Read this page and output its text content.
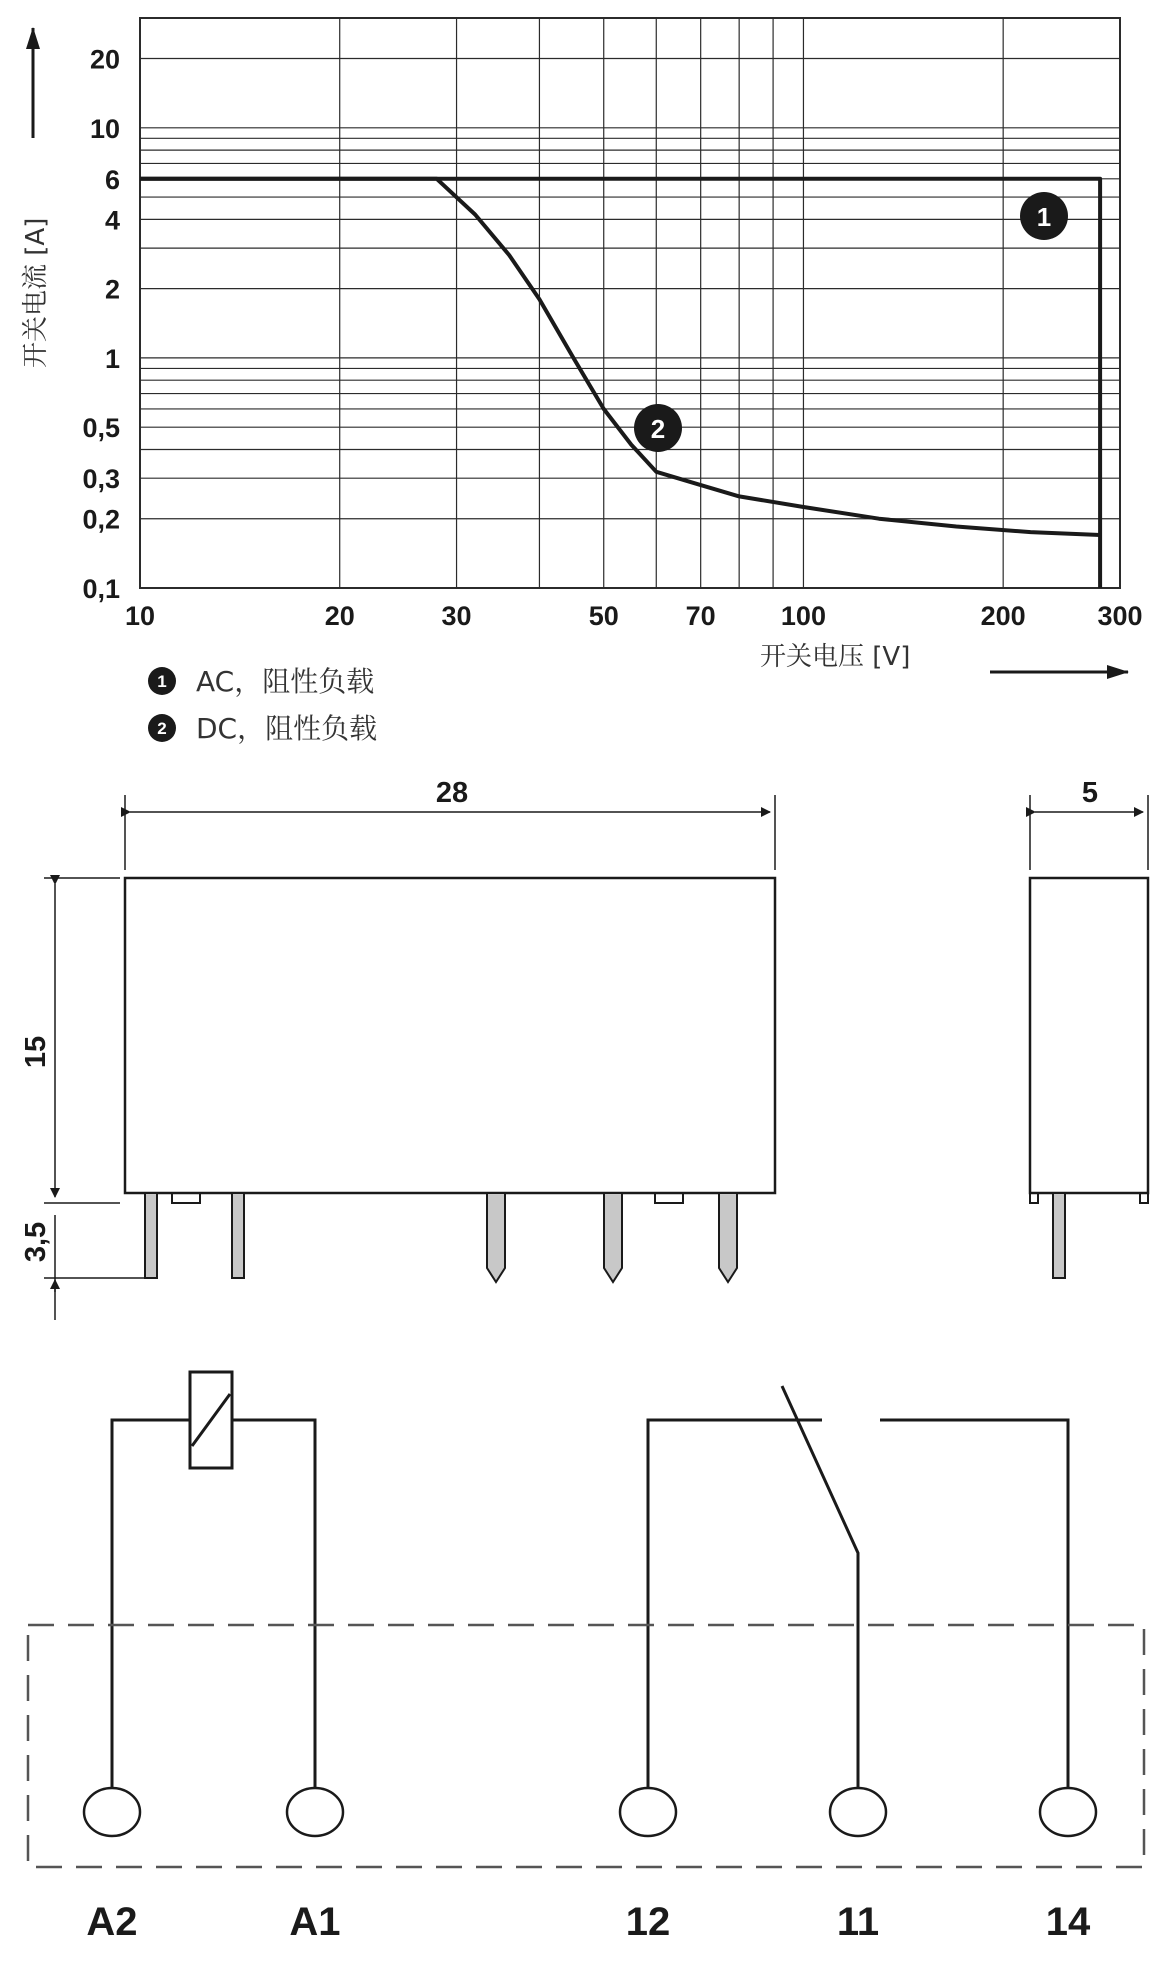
20
10
6
4
2
1
0,5
0,3
0,2
0,1
10	20	30	50 70 100	200	300
开关电流 [A]
开关电压 [V]
1
2
1 AC，阻性负载
2 DC，阻性负载
28
15
3,5
5
A2	A1	12	11	14
